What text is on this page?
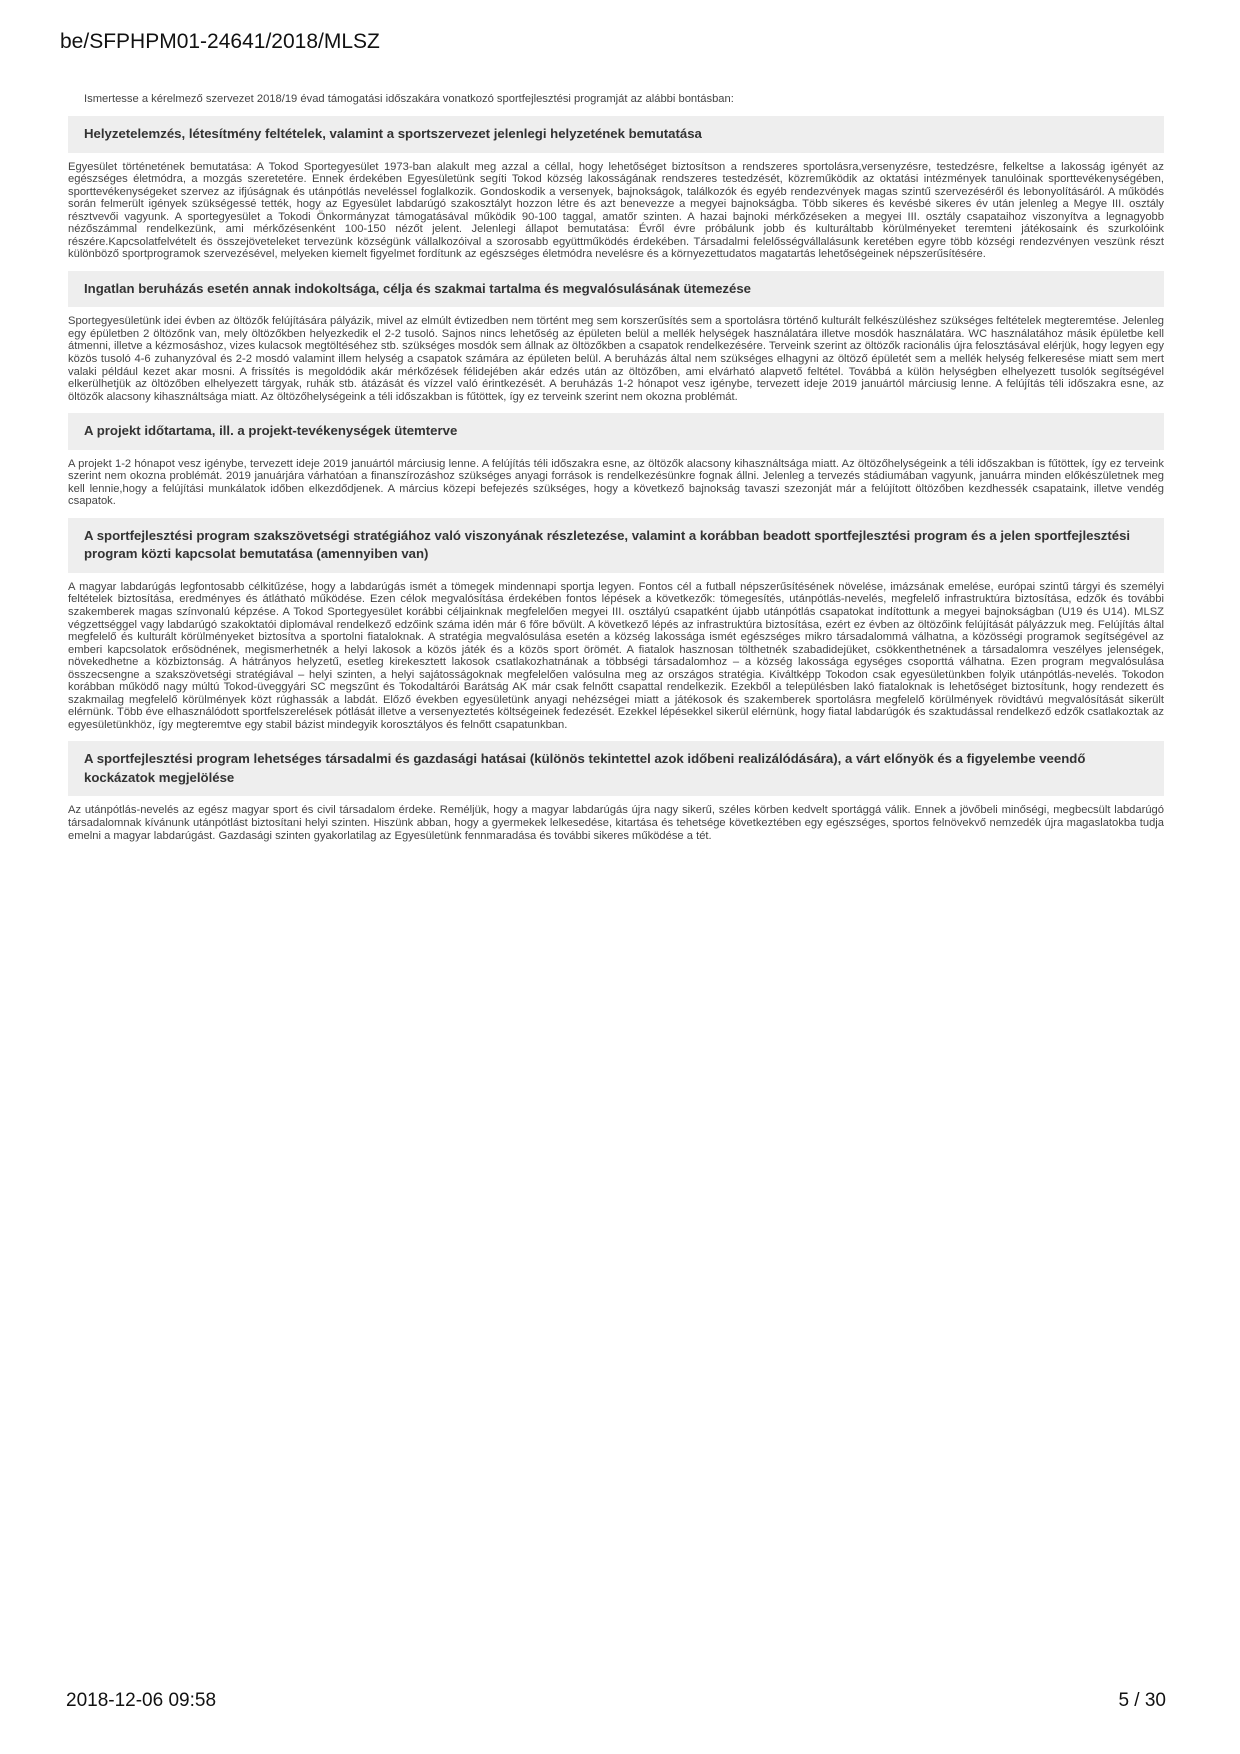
be/SFPHPM01-24641/2018/MLSZ
Ismertesse a kérelmező szervezet 2018/19 évad támogatási időszakára vonatkozó sportfejlesztési programját az alábbi bontásban:
Helyzetelemzés, létesítmény feltételek, valamint a sportszervezet jelenlegi helyzetének bemutatása
Egyesület történetének bemutatása: A Tokod Sportegyesület 1973-ban alakult meg azzal a céllal, hogy lehetőséget biztosítson a rendszeres sportolásra,versenyzésre, testedzésre, felkeltse a lakosság igényét az egészséges életmódra, a mozgás szeretetére. Ennek érdekében Egyesületünk segíti Tokod község lakosságának rendszeres testedzését, közreműködik az oktatási intézmények tanulóinak sporttevékenységében, sporttevékenységeket szervez az ifjúságnak és utánpótlás neveléssel foglalkozik. Gondoskodik a versenyek, bajnokságok, találkozók és egyéb rendezvények magas szintű szervezéséről és lebonyolításáról. A működés során felmerült igények szükségessé tették, hogy az Egyesület labdarúgó szakosztályt hozzon létre és azt benevezze a megyei bajnokságba. Több sikeres és kevésbé sikeres év után jelenleg a Megye III. osztály résztvevői vagyunk. A sportegyesület a Tokodi Önkormányzat támogatásával működik 90-100 taggal, amatőr szinten. A hazai bajnoki mérkőzéseken a megyei III. osztály csapataihoz viszonyítva a legnagyobb nézőszámmal rendelkezünk, ami mérkőzésenként 100-150 nézőt jelent. Jelenlegi állapot bemutatása: Évről évre próbálunk jobb és kulturáltabb körülményeket teremteni játékosaink és szurkolóink részére.Kapcsolatfelvételt és összejöveteleket tervezünk községünk vállalkozóival a szorosabb együttműködés érdekében. Társadalmi felelősségvállalásunk keretében egyre több községi rendezvényen veszünk részt különböző sportprogramok szervezésével, melyeken kiemelt figyelmet fordítunk az egészséges életmódra nevelésre és a környezettudatos magatartás lehetőségeinek népszerűsítésére.
Ingatlan beruházás esetén annak indokoltsága, célja és szakmai tartalma és megvalósulásának ütemezése
Sportegyesületünk idei évben az öltözők felújítására pályázik, mivel az elmúlt évtizedben nem történt meg sem korszerűsítés sem a sportolásra történő kulturált felkészüléshez szükséges feltételek megteremtése. Jelenleg egy épületben 2 öltözőnk van, mely öltözőkben helyezkedik el 2-2 tusoló. Sajnos nincs lehetőség az épületen belül a mellék helységek használatára illetve mosdók használatára. WC használatához másik épületbe kell átmenni, illetve a kézmosáshoz, vizes kulacsok megtöltéséhez stb. szükséges mosdók sem állnak az öltözőkben a csapatok rendelkezésére. Terveink szerint az öltözők racionális újra felosztásával elérjük, hogy legyen egy közös tusoló 4-6 zuhanyzóval és 2-2 mosdó valamint illem helység a csapatok számára az épületen belül. A beruházás által nem szükséges elhagyni az öltöző épületét sem a mellék helység felkeresése miatt sem mert valaki például kezet akar mosni. A frissítés is megoldódik akár mérkőzések félidejében akár edzés után az öltözőben, ami elvárható alapvető feltétel. Továbbá a külön helységben elhelyezett tusolók segítségével elkerülhetjük az öltözőben elhelyezett tárgyak, ruhák stb. átázását és vízzel való érintkezését. A beruházás 1-2 hónapot vesz igénybe, tervezett ideje 2019 januártól márciusig lenne. A felújítás téli időszakra esne, az öltözők alacsony kihasználtsága miatt. Az öltözőhelységeink a téli időszakban is fűtöttek, így ez terveink szerint nem okozna problémát.
A projekt időtartama, ill. a projekt-tevékenységek ütemterve
A projekt 1-2 hónapot vesz igénybe, tervezett ideje 2019 januártól márciusig lenne. A felújítás téli időszakra esne, az öltözők alacsony kihasználtsága miatt. Az öltözőhelységeink a téli időszakban is fűtöttek, így ez terveink szerint nem okozna problémát. 2019 januárjára várhatóan a finanszírozáshoz szükséges anyagi források is rendelkezésünkre fognak állni. Jelenleg a tervezés stádiumában vagyunk, januárra minden előkészületnek meg kell lennie,hogy a felújítási munkálatok időben elkezdődjenek. A március közepi befejezés szükséges, hogy a következő bajnokság tavaszi szezonját már a felújított öltözőben kezdhessék csapataink, illetve vendég csapatok.
A sportfejlesztési program szakszövetségi stratégiához való viszonyának részletezése, valamint a korábban beadott sportfejlesztési program és a jelen sportfejlesztési program közti kapcsolat bemutatása (amennyiben van)
A magyar labdarúgás legfontosabb célkitűzése, hogy a labdarúgás ismét a tömegek mindennapi sportja legyen. Fontos cél a futball népszerűsítésének növelése, imázsának emelése, európai szintű tárgyi és személyi feltételek biztosítása, eredményes és átlátható működése. Ezen célok megvalósítása érdekében fontos lépések a következők: tömegesítés, utánpótlás-nevelés, megfelelő infrastruktúra biztosítása, edzők és további szakemberek magas színvonalú képzése. A Tokod Sportegyesület korábbi céljainknak megfelelően megyei III. osztályú csapatként újabb utánpótlás csapatokat indítottunk a megyei bajnokságban (U19 és U14). MLSZ végzettséggel vagy labdarúgó szakoktatói diplomával rendelkező edzőink száma idén már 6 főre bővült. A következő lépés az infrastruktúra biztosítása, ezért ez évben az öltözőink felújítását pályázzuk meg. Felújítás által megfelelő és kulturált körülményeket biztosítva a sportolni fiataloknak. A stratégia megvalósulása esetén a község lakossága ismét egészséges mikro társadalommá válhatna, a közösségi programok segítségével az emberi kapcsolatok erősödnének, megismerhetnék a helyi lakosok a közös játék és a közös sport örömét. A fiatalok hasznosan tölthetnék szabadidejüket, csökkenthetnének a társadalomra veszélyes jelenségek, növekedhetne a közbiztonság. A hátrányos helyzetű, esetleg kirekesztett lakosok csatlakozhatnának a többségi társadalomhoz – a község lakossága egységes csoporttá válhatna. Ezen program megvalósulása összecsengne a szakszövetségi stratégiával – helyi szinten, a helyi sajátosságoknak megfelelően valósulna meg az országos stratégia. Kiváltképp Tokodon csak egyesületünkben folyik utánpótlás-nevelés. Tokodon korábban működő nagy múltú Tokod-üveggyári SC megszűnt és Tokodaltárói Barátság AK már csak felnőtt csapattal rendelkezik. Ezekből a településben lakó fiataloknak is lehetőséget biztosítunk, hogy rendezett és szakmailag megfelelő körülmények közt rúghassák a labdát. Előző években egyesületünk anyagi nehézségei miatt a játékosok és szakemberek sportolásra megfelelő körülmények rövidtávú megvalósítását sikerült elérnünk. Több éve elhasználódott sportfelszerelések pótlását illetve a versenyeztetés költségeinek fedezését. Ezekkel lépésekkel sikerül elérnünk, hogy fiatal labdarúgók és szaktudással rendelkező edzők csatlakoztak az egyesületünkhöz, így megteremtve egy stabil bázist mindegyik korosztályos és felnőtt csapatunkban.
A sportfejlesztési program lehetséges társadalmi és gazdasági hatásai (különös tekintettel azok időbeni realizálódására), a várt előnyök és a figyelembe veendő kockázatok megjelölése
Az utánpótlás-nevelés az egész magyar sport és civil társadalom érdeke. Reméljük, hogy a magyar labdarúgás újra nagy sikerű, széles körben kedvelt sportággá válik. Ennek a jövőbeli minőségi, megbecsült labdarúgó társadalomnak kívánunk utánpótlást biztosítani helyi szinten. Hiszünk abban, hogy a gyermekek lelkesedése, kitartása és tehetsége következtében egy egészséges, sportos felnövekvő nemzedék újra magaslatokba tudja emelni a magyar labdarúgást. Gazdasági szinten gyakorlatilag az Egyesületünk fennmaradása és további sikeres működése a tét.
2018-12-06 09:58	5 / 30
